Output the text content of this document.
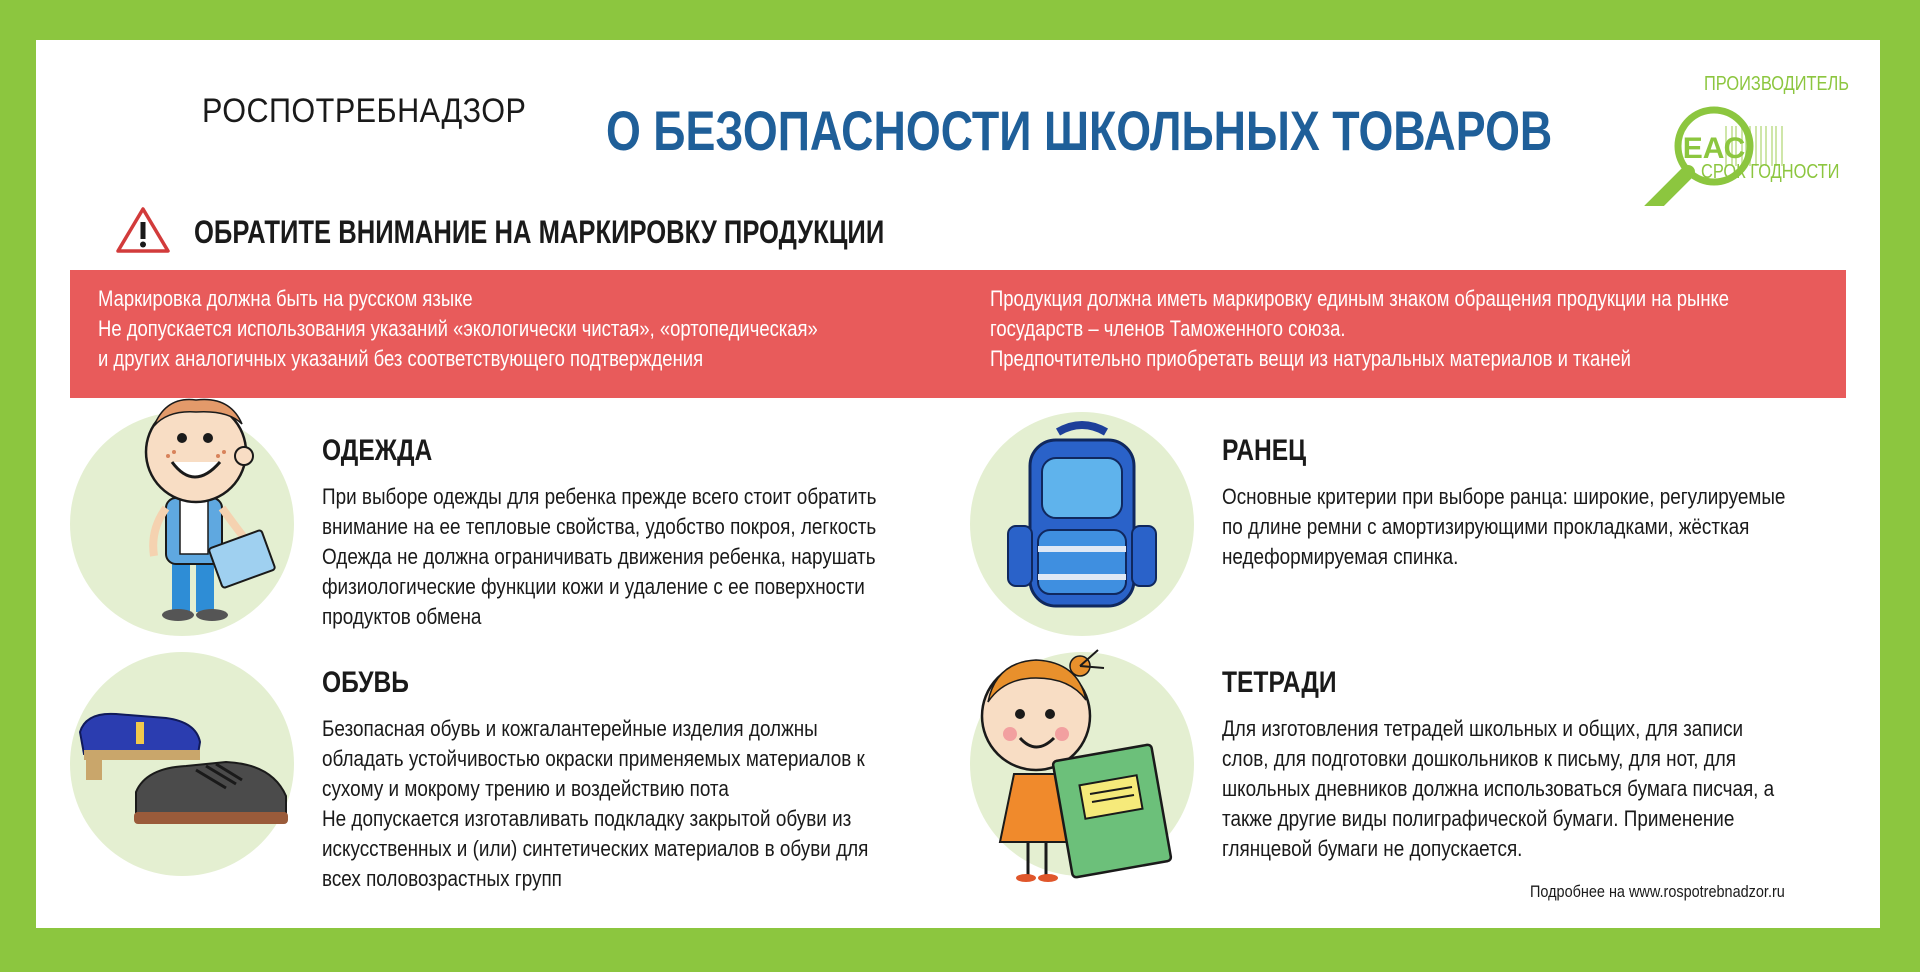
РОСПОТРЕБНАДЗОР О БЕЗОПАСНОСТИ ШКОЛЬНЫХ ТОВАРОВ	ЕАС
ПРОИЗВОДИТЕЛЬ
СРОК ГОДНОСТИ
ОБРАТИТЕ ВНИМАНИЕ НА МАРКИРОВКУ ПРОДУКЦИИ
Маркировка должна быть на русском языке
Не допускается использования указаний «экологически чистая», «ортопедическая»
и других аналогичных указаний без соответствующего подтверждения
Продукция должна иметь маркировку единым знаком обращения продукции на рынке
государств – членов Таможенного союза.
Предпочтительно приобретать вещи из натуральных материалов и тканей
ОДЕЖДА
При выборе одежды для ребенка прежде всего стоит обратить
внимание на ее тепловые свойства, удобство покроя, легкость
Одежда не должна ограничивать движения ребенка, нарушать
физиологические функции кожи и удаление с ее поверхности
продуктов обмена
РАНЕЦ
Основные критерии при выборе ранца: широкие, регулируемые
по длине ремни с амортизирующими прокладками, жёсткая
недеформируемая спинка.
ОБУВЬ
Безопасная обувь и кожгалантерейные изделия должны
обладать устойчивостью окраски применяемых материалов к
сухому и мокрому трению и воздействию пота
Не допускается изготавливать подкладку закрытой обуви из
искусственных и (или) синтетических материалов в обуви для
всех половозрастных групп
ТЕТРАДИ
Для изготовления тетрадей школьных и общих, для записи
слов, для подготовки дошкольников к письму, для нот, для
школьных дневников должна использоваться бумага писчая, а
также другие виды полиграфической бумаги. Применение
глянцевой бумаги не допускается.
Подробнее на www.rospotrebnadzor.ru
